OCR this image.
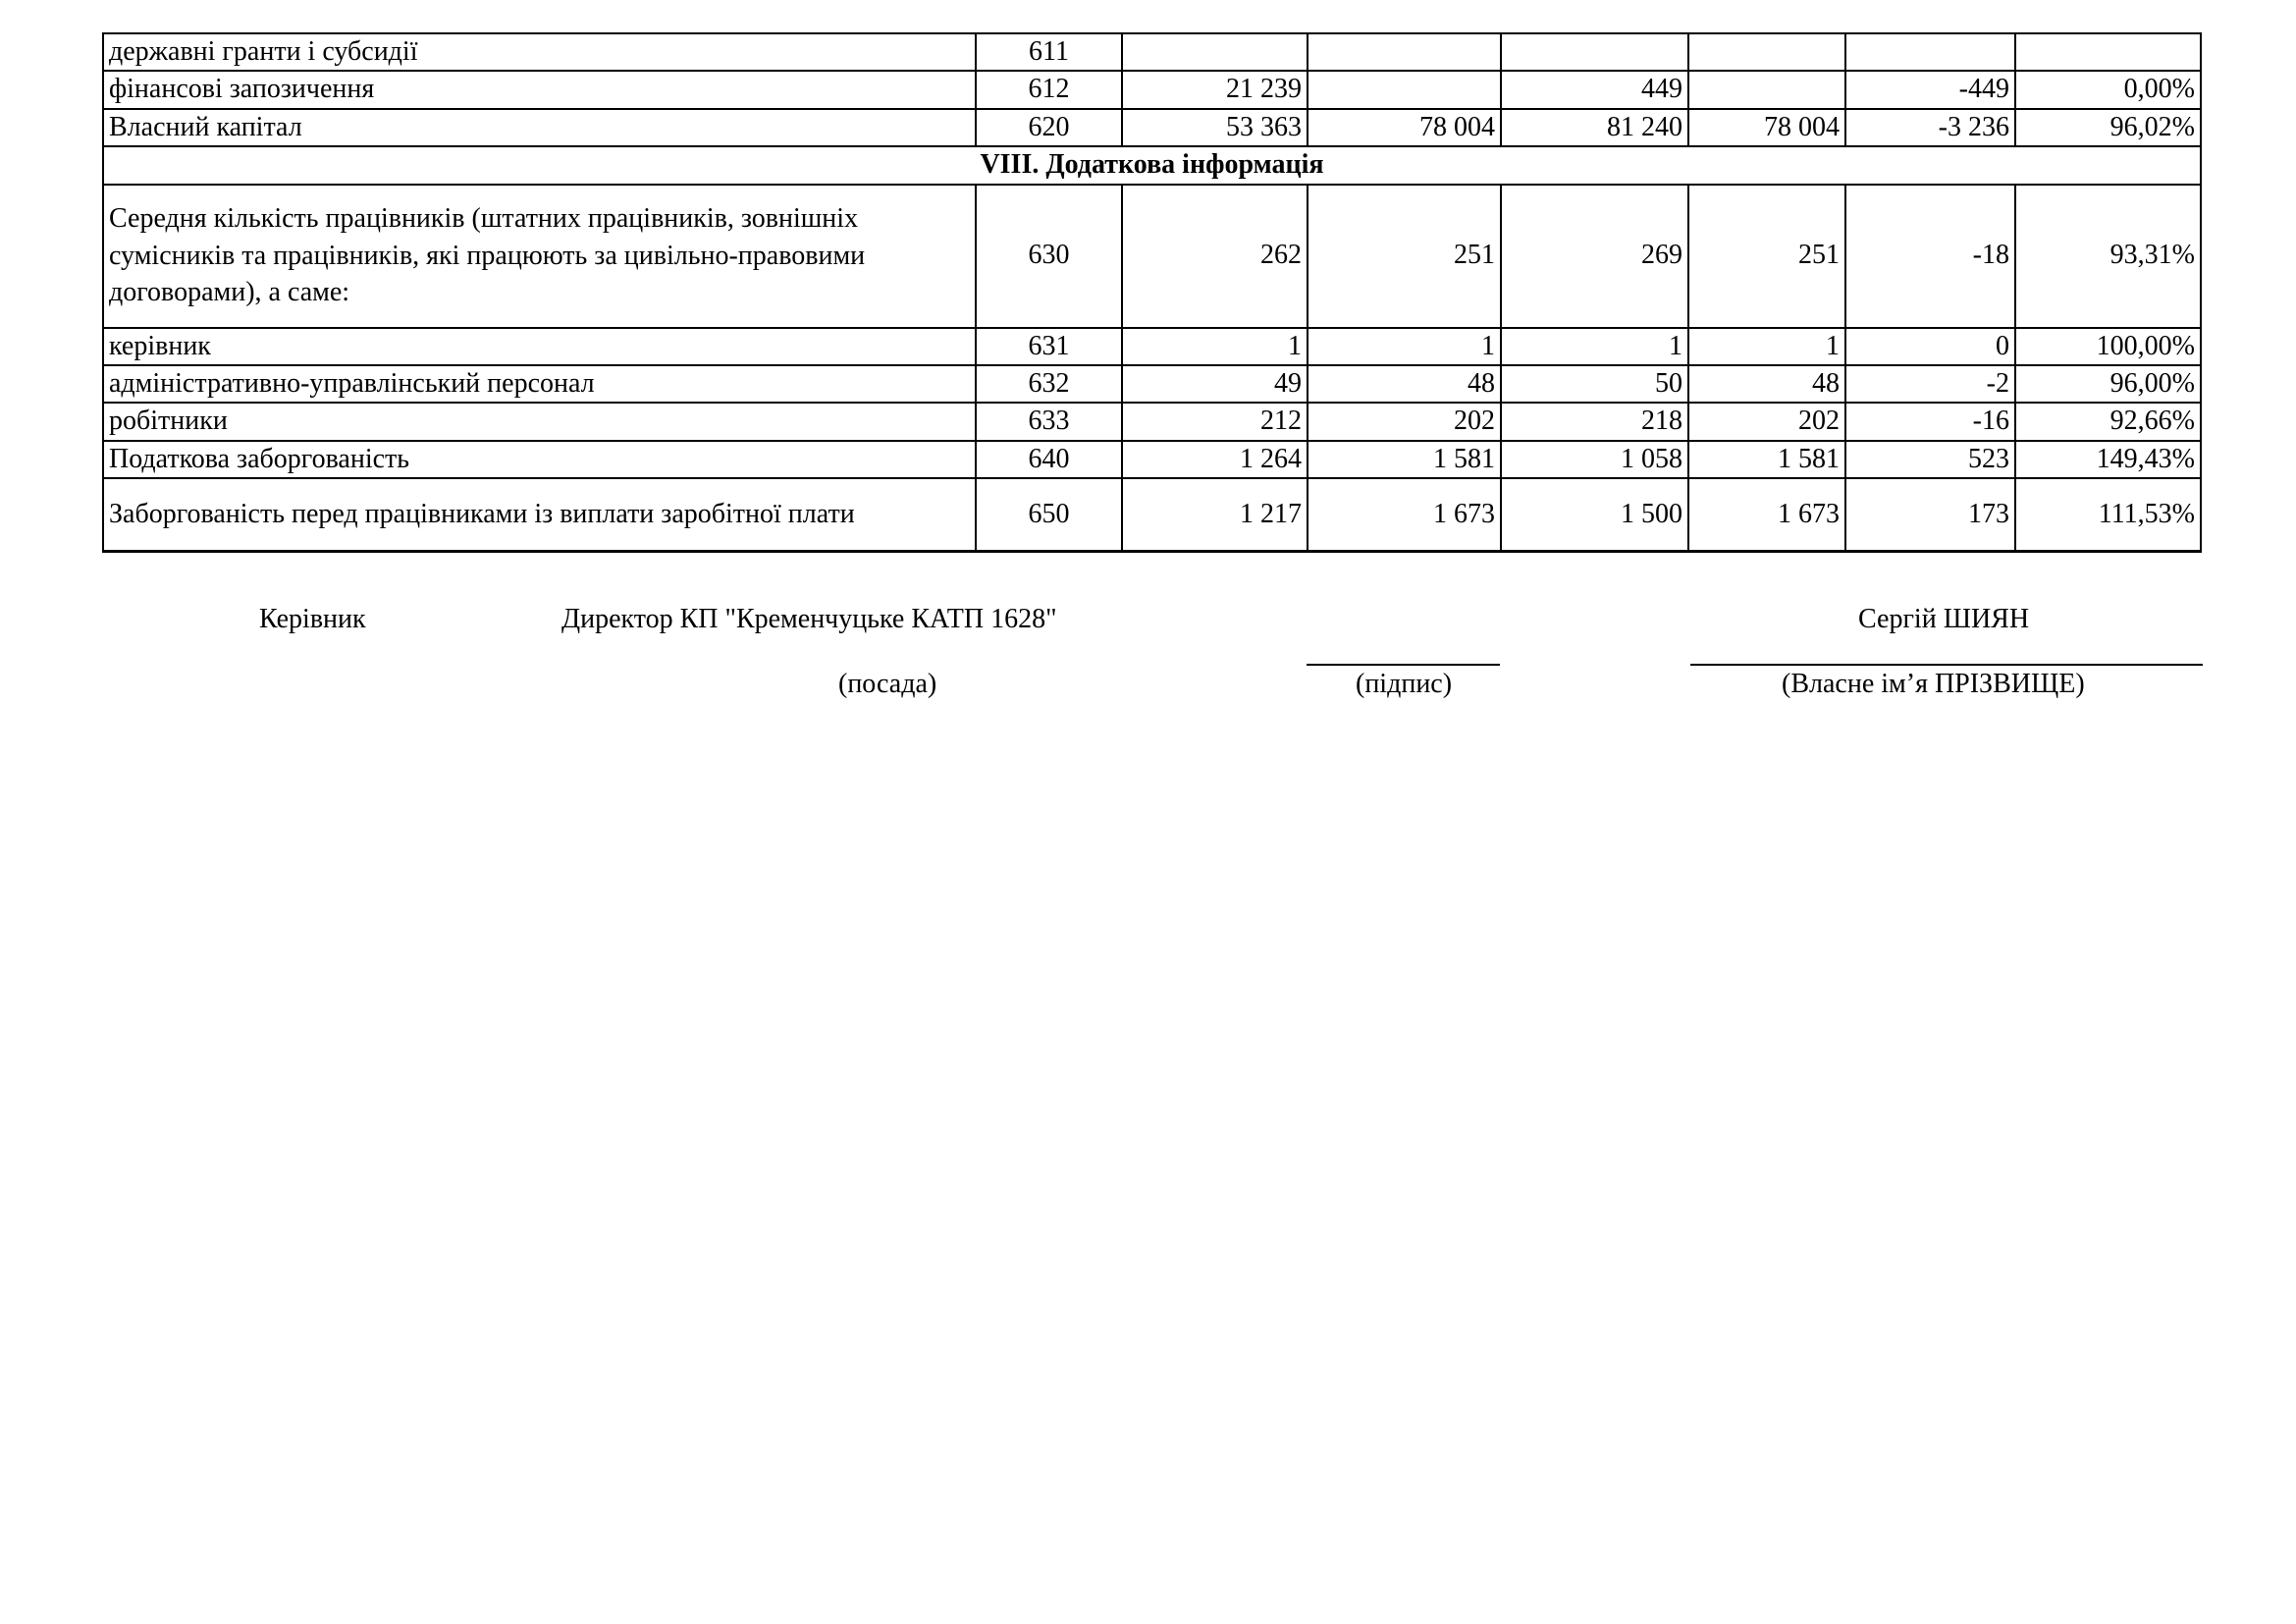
державні гранти і субсидії	611						
фінансові запозичення	612	21 239		449		-449	0,00%
Власний капітал	620	53 363	78 004	81 240	78 004	-3 236	96,02%
VIII. Додаткова інформація							
Середня кількість працівників (штатних працівників, зовнішніх сумісників та працівників, які працюють за цивільно-правовими договорами), а саме:	630	262	251	269	251	-18	93,31%
керівник	631	1	1	1	1	0	100,00%
адміністративно-управлінський персонал	632	49	48	50	48	-2	96,00%
робітники	633	212	202	218	202	-16	92,66%
Податкова заборгованість	640	1 264	1 581	1 058	1 581	523	149,43%
Заборгованість перед працівниками із виплати заробітної плати	650	1 217	1 673	1 500	1 673	173	111,53%
Керівник	Директор КП "Кременчуцьке КАТП 1628"	Сергій ШИЯН
(посада)	(підпис)	(Власне ім’я ПРІЗВИЩЕ)
